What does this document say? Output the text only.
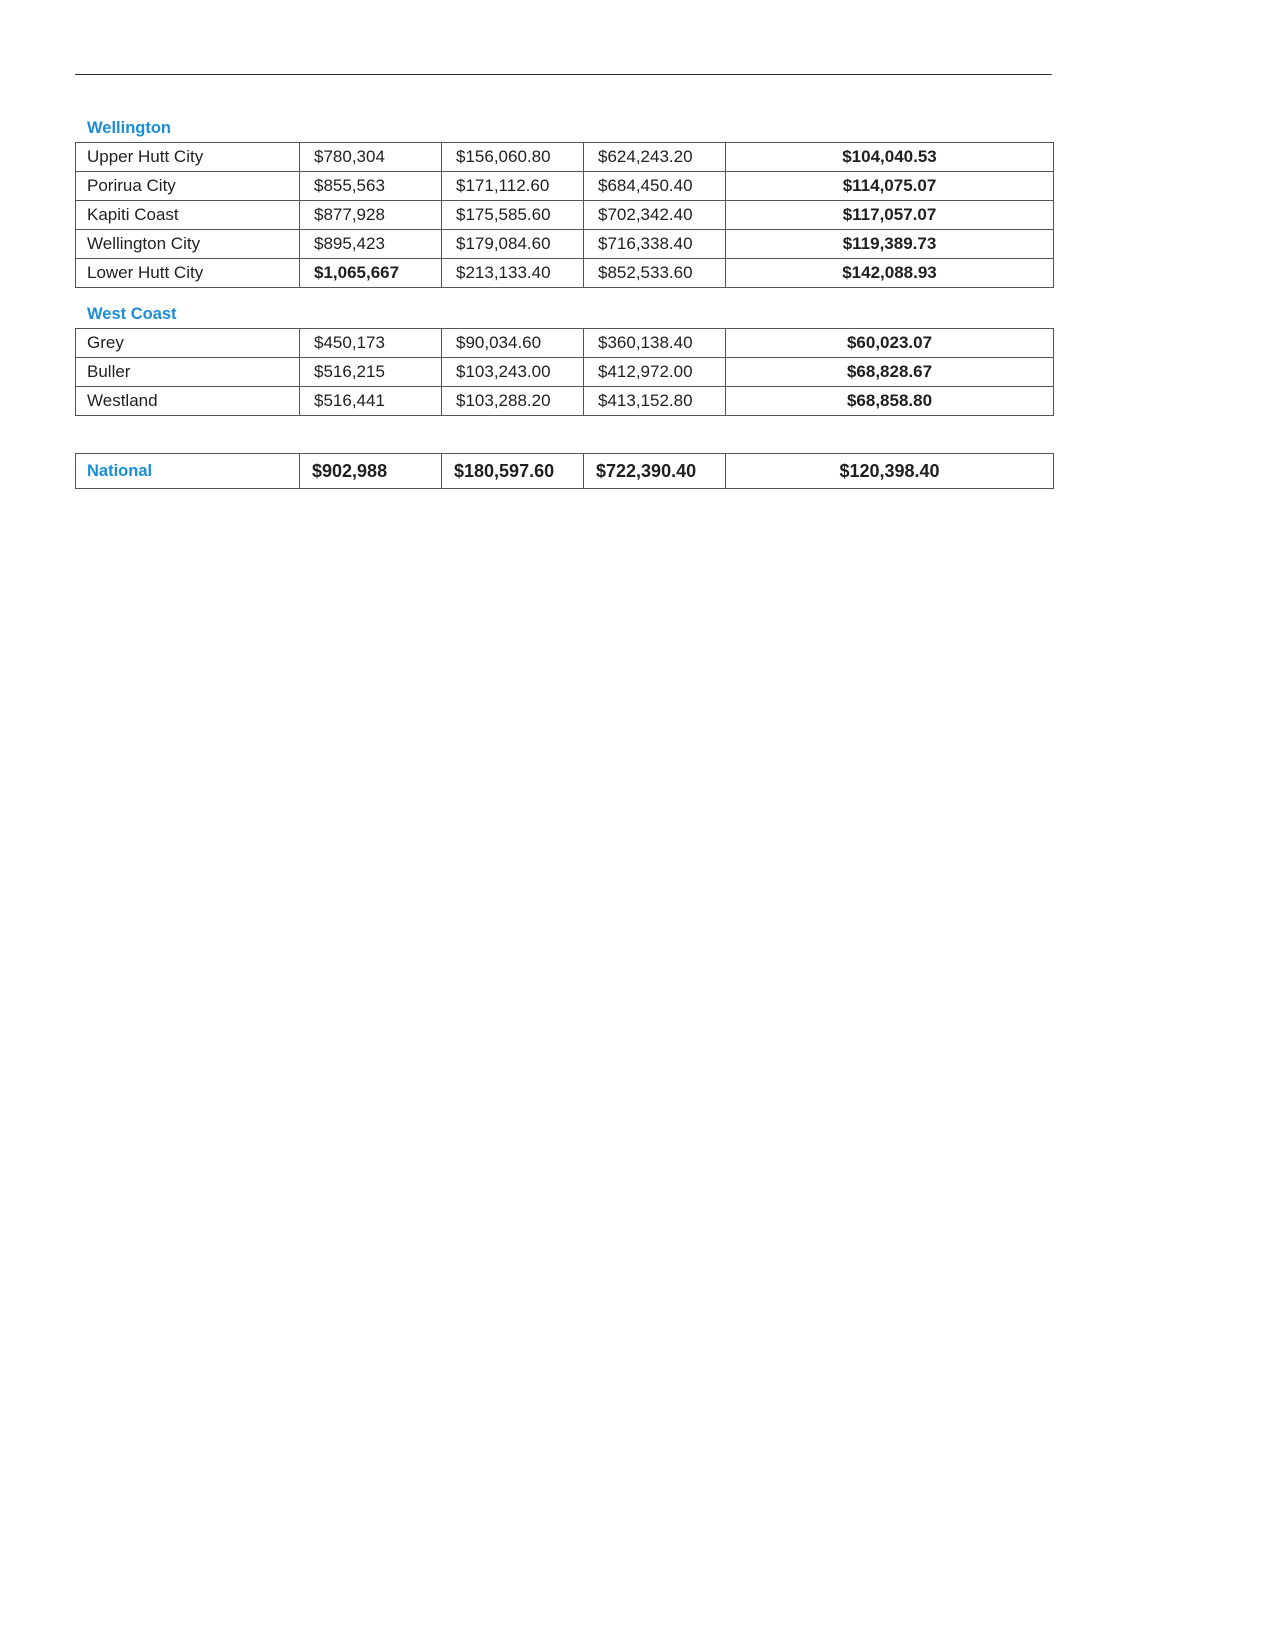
Wellington
Upper Hutt City	$780,304	$156,060.80	$624,243.20	$104,040.53
Porirua City	$855,563	$171,112.60	$684,450.40	$114,075.07
Kapiti Coast	$877,928	$175,585.60	$702,342.40	$117,057.07
Wellington City	$895,423	$179,084.60	$716,338.40	$119,389.73
Lower Hutt City	$1,065,667	$213,133.40	$852,533.60	$142,088.93
West Coast
Grey	$450,173	$90,034.60	$360,138.40	$60,023.07
Buller	$516,215	$103,243.00	$412,972.00	$68,828.67
Westland	$516,441	$103,288.20	$413,152.80	$68,858.80
National	$902,988	$180,597.60	$722,390.40	$120,398.40
